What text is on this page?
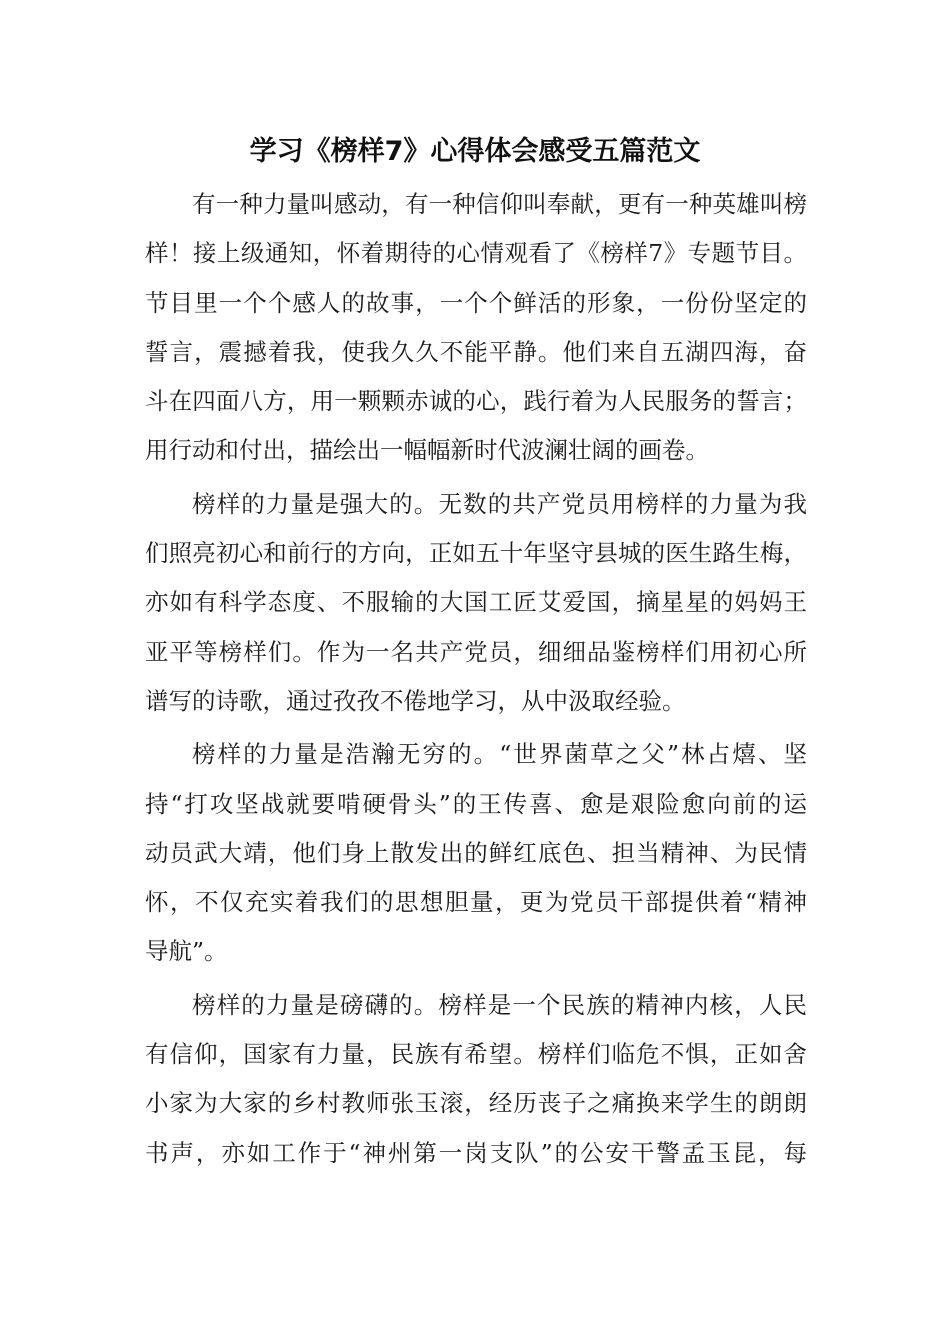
学习《榜样7》心得体会感受五篇范文
有一种力量叫感动，有一种信仰叫奉献，更有一种英雄叫榜
样！接上级通知，怀着期待的心情观看了《榜样7》专题节目。
节目里一个个感人的故事，一个个鲜活的形象，一份份坚定的
誓言，震撼着我，使我久久不能平静。他们来自五湖四海，奋
斗在四面八方，用一颗颗赤诚的心，践行着为人民服务的誓言；
用行动和付出，描绘出一幅幅新时代波澜壮阔的画卷。
榜样的力量是强大的。无数的共产党员用榜样的力量为我
们照亮初心和前行的方向，正如五十年坚守县城的医生路生梅，
亦如有科学态度、不服输的大国工匠艾爱国，摘星星的妈妈王
亚平等榜样们。作为一名共产党员，细细品鉴榜样们用初心所
谱写的诗歌，通过孜孜不倦地学习，从中汲取经验。
榜样的力量是浩瀚无穷的。“世界菌草之父”林占熺、坚
持“打攻坚战就要啃硬骨头”的王传喜、愈是艰险愈向前的运
动员武大靖，他们身上散发出的鲜红底色、担当精神、为民情
怀，不仅充实着我们的思想胆量，更为党员干部提供着“精神
导航”。
榜样的力量是磅礴的。榜样是一个民族的精神内核，人民
有信仰，国家有力量，民族有希望。榜样们临危不惧，正如舍
小家为大家的乡村教师张玉滚，经历丧子之痛换来学生的朗朗
书声，亦如工作于“神州第一岗支队”的公安干警孟玉昆，每
